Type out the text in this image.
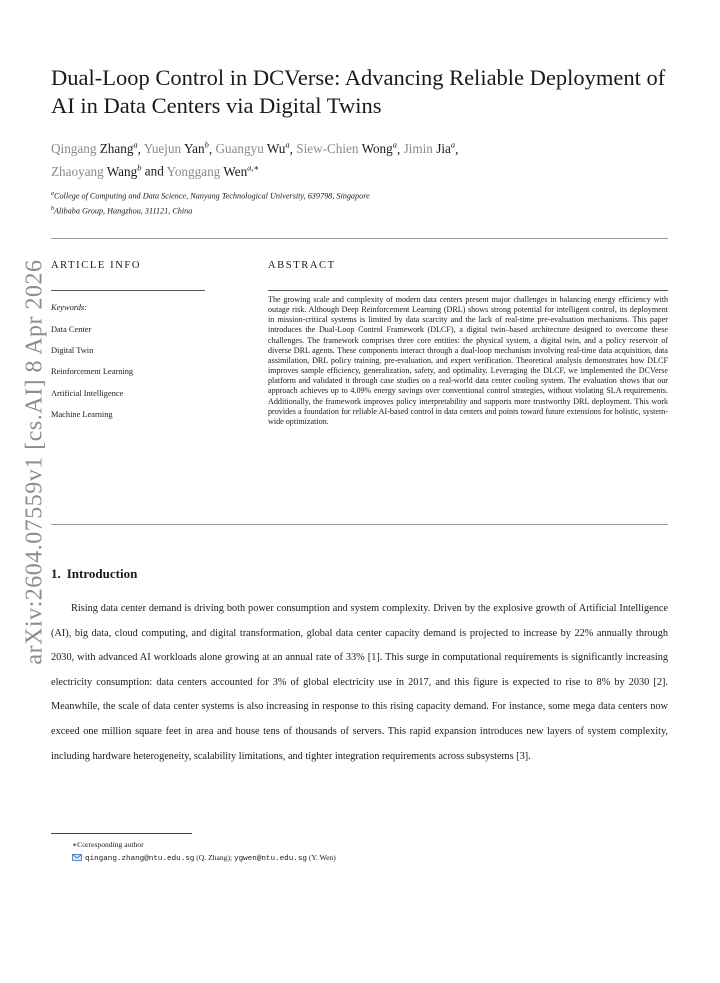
arXiv:2604.07559v1 [cs.AI] 8 Apr 2026
Dual-Loop Control in DCVerse: Advancing Reliable Deployment of AI in Data Centers via Digital Twins
Qingang Zhang$^a$, Yuejun Yan$^b$, Guangyu Wu$^a$, Siew-Chien Wong$^a$, Jimin Jia$^a$,
Zhaoyang Wang$^b$ and Yonggang Wen$^{a,∗}$
$^a$College of Computing and Data Science, Nanyang Technological University, 639798, Singapore
$^b$Alibaba Group, Hangzhou, 311121, China
ARTICLE INFO
Keywords:
Data Center
Digital Twin
Reinforcement Learning
Artificial Intelligence
Machine Learning
ABSTRACT

The growing scale and complexity of modern data centers present major challenges in balancing energy efficiency with outage risk. Although Deep Reinforcement Learning (DRL) shows strong potential for intelligent control, its deployment in mission-critical systems is limited by data scarcity and the lack of real-time pre-evaluation mechanisms. This paper introduces the Dual-Loop Control Framework (DLCF), a digital twin–based architecture designed to overcome these challenges. The framework comprises three core entities: the physical system, a digital twin, and a policy reservoir of diverse DRL agents. These components interact through a dual-loop mechanism involving real-time data acquisition, data assimilation, DRL policy training, pre-evaluation, and expert verification. Theoretical analysis demonstrates how DLCF improves sample efficiency, generalization, safety, and optimality. Leveraging the DLCF, we implemented the DCVerse platform and validated it through case studies on a real-world data center cooling system. The evaluation shows that our approach achieves up to 4.09% energy savings over conventional control strategies, without violating SLA requirements. Additionally, the framework improves policy interpretability and supports more trustworthy DRL deployment. This work provides a foundation for reliable AI-based control in data centers and points toward future extensions for holistic, system-wide optimization.

1. Introduction

Rising data center demand is driving both power consumption and system complexity. Driven by the explosive growth of Artificial Intelligence (AI), big data, cloud computing, and digital transformation, global data center capacity demand is projected to increase by 22% annually through 2030, with advanced AI workloads alone growing at an annual rate of 33% [1]. This surge in computational requirements is significantly increasing electricity consumption: data centers accounted for 3% of global electricity use in 2017, and this figure is expected to rise to 8% by 2030 [2]. Meanwhile, the scale of data center systems is also increasing in response to this rising capacity demand. For instance, some mega data centers now exceed one million square feet in area and house tens of thousands of servers. This rapid expansion introduces new layers of system complexity, including hardware heterogeneity, scalability limitations, and tighter integration requirements across subsystems [3].

∗Corresponding author
qingang.zhang@ntu.edu.sg (Q. Zhang); ygwen@ntu.edu.sg (Y. Wen)
